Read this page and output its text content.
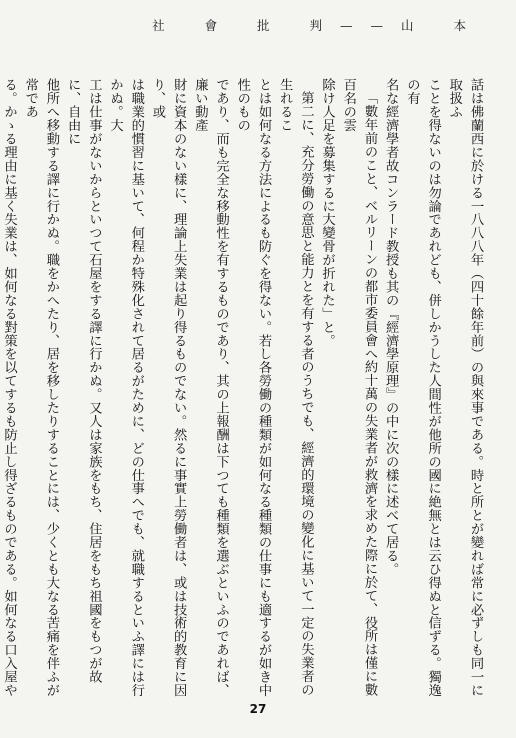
社 會 批 判——山 本

話は佛蘭西に於ける一八八八年（四十餘年前）の與來事である。時と所とが變れば常に必ずしも同一に取扱ふ

ことを得ないのは勿論であれども、併しかうした人間性が他所の國に絶無とは云ひ得ぬと信ずる。獨逸の有

名な經濟學者故コンラード教授も其の『經濟學原理』の中に次の樣に述べて居る。

「數年前のこと、ベルリーンの都市委員會へ約十萬の失業者が救濟を求めた際に於て、役所は僅に數百名の雲

除け人足を募集するに大變骨が折れた」と。

第二に、充分勞働の意思と能力とを有する者のうちでも、經濟的環境の變化に基いて一定の失業者の生れるこ

とは如何なる方法によるも防ぐを得ない。若し各勞働の種類が如何なる種類の仕事にも適するが如き中性のもの

であり、而も完全な移動性を有するものであり、其の上報酬は下つても種類を選ぶといふのであれば、廉い動產

財に資本のない樣に、理論上失業は起り得るものでない。然るに事實上勞働者は、或は技術的教育に因り、或

は職業的慣習に基いて、何程か特殊化されて居るがために、どの仕事へでも、就職するといふ譯には行かぬ。大

工は仕事がないからといつて石屋をする譯に行かぬ。又人は家族をもち、住居をもち祖國をもつが故に、自由に

他所へ移動する譯に行かぬ。職をかへたり、居を移したりすることには、少くとも大なる苦痛を伴ふが常であ

る。かゝる理由に基く失業は、如何なる對策を以てするも防止し得ざるものである。如何なる口入屋や

27
